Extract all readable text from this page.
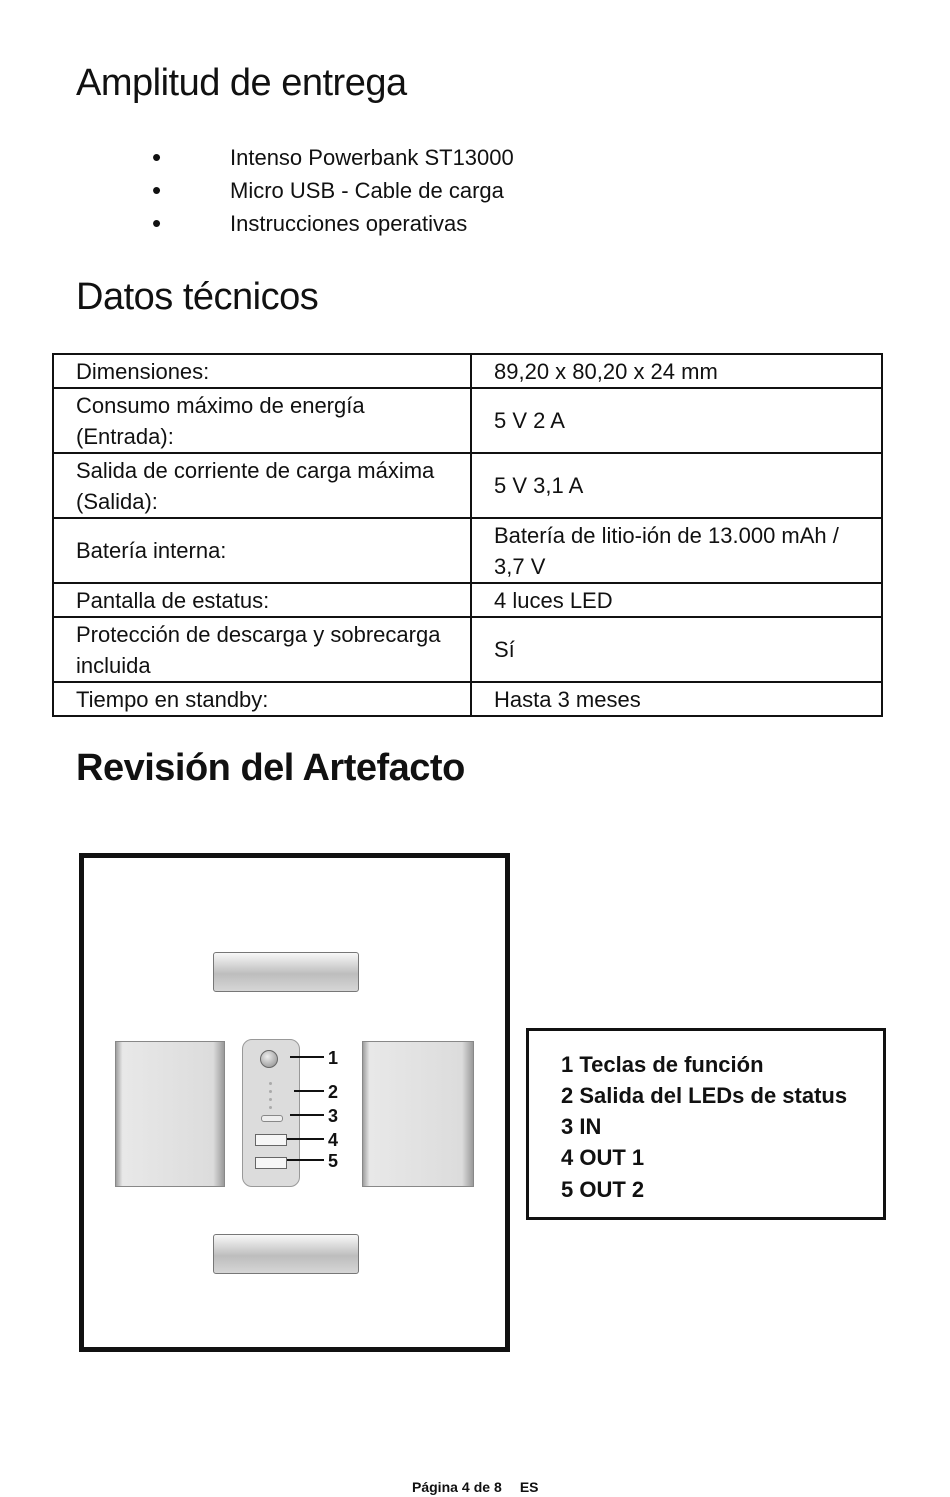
Amplitud de entrega
• Intenso Powerbank ST13000
• Micro USB - Cable de carga
• Instrucciones operativas
Datos técnicos
Dimensiones:	89,20 x 80,20 x 24 mm
Consumo máximo de energía (Entrada):	5 V 2 A
Salida de corriente de carga máxima (Salida):	5 V 3,1 A
Batería interna:	Batería de litio-ión de 13.000 mAh / 3,7 V
Pantalla de estatus:	4 luces LED
Protección de descarga y sobrecarga incluida	Sí
Tiempo en standby:	Hasta 3 meses
Revisión del Artefacto
1
2
3
4
5
1 Teclas de función
2 Salida del LEDs de status
3 IN
4 OUT 1
5 OUT 2
Página 4 de 8 ES
